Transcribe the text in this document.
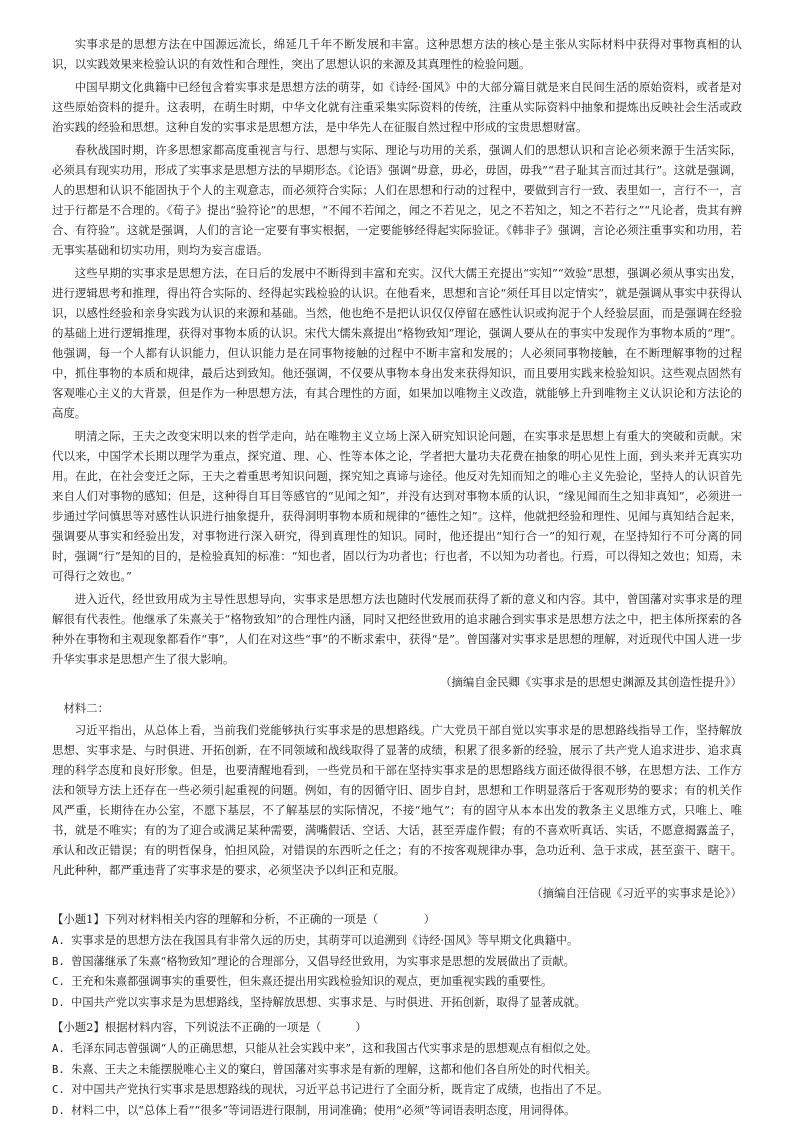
实事求是的思想方法在中国源远流长，绵延几千年不断发展和丰富。这种思想方法的核心是主张从实际材料中获得对事物真相的认识，以实践效果来检验认识的有效性和合理性，突出了思想认识的来源及其真理性的检验问题。

中国早期文化典籍中已经包含着实事求是思想方法的萌芽，如《诗经·国风》中的大部分篇目就是来自民间生活的原始资料，或者是对这些原始资料的提升。这表明，在萌生时期，中华文化就有注重采集实际资料的传统，注重从实际资料中抽象和提炼出反映社会生活或政治实践的经验和思想。这种自发的实事求是思想方法，是中华先人在征服自然过程中形成的宝贵思想财富。

春秋战国时期，许多思想家都高度重视言与行、思想与实际、理论与功用的关系，强调人们的思想认识和言论必须来源于生活实际，必须具有现实功用，形成了实事求是思想方法的早期形态。《论语》强调“毋意，毋必，毋固，毋我”“君子耻其言而过其行”。这就是强调，人的思想和认识不能固执于个人的主观意志，而必须符合实际；人们在思想和行动的过程中，要做到言行一致、表里如一，言行不一，言过于行都是不合理的。《荀子》提出“验符论”的思想，“不闻不若闻之，闻之不若见之，见之不若知之，知之不若行之”“凡论者，贵其有辨合、有符验”。这就是强调，人们的言论一定要有事实根据，一定要能够经得起实际验证。《韩非子》强调，言论必须注重事实和功用，若无事实基础和切实功用，则均为妄言虚语。

这些早期的实事求是思想方法，在日后的发展中不断得到丰富和充实。汉代大儒王充提出“实知”“效验”思想，强调必须从事实出发，进行逻辑思考和推理，得出符合实际的、经得起实践检验的认识。在他看来，思想和言论“须任耳目以定情实”，就是强调从事实中获得认识，以感性经验和亲身实践为认识的来源和基础。当然，他也绝不是把认识仅仅停留在感性认识或拘泥于个人经验层面，而是强调在经验的基础上进行逻辑推理，获得对事物本质的认识。宋代大儒朱熹提出“格物致知”理论，强调人要从在的事实中发现作为事物本质的“理”。他强调，每一个人都有认识能力，但认识能力是在同事物接触的过程中不断丰富和发展的；人必须同事物接触，在不断理解事物的过程中，抓住事物的本质和规律，最后达到致知。他还强调，不仅要从事物本身出发来获得知识，而且要用实践来检验知识。这些观点固然有客观唯心主义的大背景，但是作为一种思想方法，有其合理性的方面，如果加以唯物主义改造，就能够上升到唯物主义认识论和方法论的高度。

明清之际，王夫之改变宋明以来的哲学走向，站在唯物主义立场上深入研究知识论问题，在实事求是思想上有重大的突破和贡献。宋代以来，中国学术长期以理学为重点，探究道、理、心、性等本体之论，学者把大量功夫花费在抽象的明心见性上面，到头来并无真实功用。在此，在社会变迁之际，王夫之着重思考知识问题，探究知之真谛与途径。他反对先知而知之的唯心主义先验论，坚持人的认识首先来自人们对事物的感知；但是，这种得自耳目等感官的“见闻之知”，并没有达到对事物本质的认识，“缘见闻而生之知非真知”，必须进一步通过学问慎思等对感性认识进行抽象提升，获得洞明事物本质和规律的“德性之知”。这样，他就把经验和理性、见闻与真知结合起来，强调要从事实和经验出发，对事物进行深入研究，得到真理性的知识。同时，他还提出“知行合一”的知行观，在坚持知行不可分离的同时，强调“行”是知的目的，是检验真知的标准：“知也者，固以行为功者也；行也者，不以知为功者也。行焉，可以得知之效也；知焉，未可得行之效也。”

进入近代，经世致用成为主导性思想导向，实事求是思想方法也随时代发展而获得了新的意义和内容。其中，曾国藩对实事求是的理解很有代表性。他继承了朱熹关于“格物致知”的合理性内涵，同时又把经世致用的追求融合到实事求是思想方法之中，把主体所探索的各种外在事物和主观现象都看作“事”，人们在对这些“事”的不断求索中，获得“是”。曾国藩对实事求是思想的理解，对近现代中国人进一步升华实事求是思想产生了很大影响。

（摘编自金民卿《实事求是的思想史渊源及其创造性提升》）

材料二：

习近平指出，从总体上看，当前我们党能够执行实事求是的思想路线。广大党员干部自觉以实事求是的思想路线指导工作，坚持解放思想、实事求是、与时俱进、开拓创新，在不同领域和战线取得了显著的成绩，积累了很多新的经验，展示了共产党人追求进步、追求真理的科学态度和良好形象。但是，也要清醒地看到，一些党员和干部在坚持实事求是的思想路线方面还做得很不够，在思想方法、工作方法和领导方法上还存在一些必须引起重视的问题。例如，有的因循守旧、固步自封，思想和工作明显落后于客观形势的要求；有的机关作风严重，长期待在办公室，不愿下基层，不了解基层的实际情况，不接“地气”；有的固守从本本出发的教条主义思维方式，只唯上、唯书，就是不唯实；有的为了迎合或满足某种需要，满嘴假话、空话、大话，甚至弄虚作假；有的不喜欢听真话、实话，不愿意揭露盖子，承认和改正错误；有的明哲保身，怕担风险，对错误的东西听之任之；有的不按客观规律办事，急功近利、急于求成，甚至蛮干、瞎干。凡此种种，都严重违背了实事求是的要求，必须坚决予以纠正和克服。

（摘编自汪信砚《习近平的实事求是论》）

【小题1】下列对材料相关内容的理解和分析，不正确的一项是（　　　　）

A. 实事求是的思想方法在我国具有非常久远的历史，其萌芽可以追溯到《诗经·国风》等早期文化典籍中。

B. 曾国藩继承了朱熹“格物致知”理论的合理部分，又倡导经世致用，为实事求是思想的发展做出了贡献。

C. 王充和朱熹都强调事实的重要性，但朱熹还提出用实践检验知识的观点，更加重视实践的重要性。

D. 中国共产党以实事求是为思想路线，坚持解放思想、实事求是、与时俱进、开拓创新，取得了显著成就。

【小题2】根据材料内容，下列说法不正确的一项是（　　　）

A. 毛泽东同志曾强调“人的正确思想，只能从社会实践中来”，这和我国古代实事求是的思想观点有相似之处。

B. 朱熹、王夫之未能摆脱唯心主义的窠臼，曾国藩对实事求是有新的理解，这都和他们各自所处的时代相关。

C. 对中国共产党执行实事求是思想路线的现状，习近平总书记进行了全面分析，既肯定了成绩，也指出了不足。

D. 材料二中，以“总体上看”“很多”等词语进行限制，用词准确；使用“必须”等词语表明态度，用词得体。
